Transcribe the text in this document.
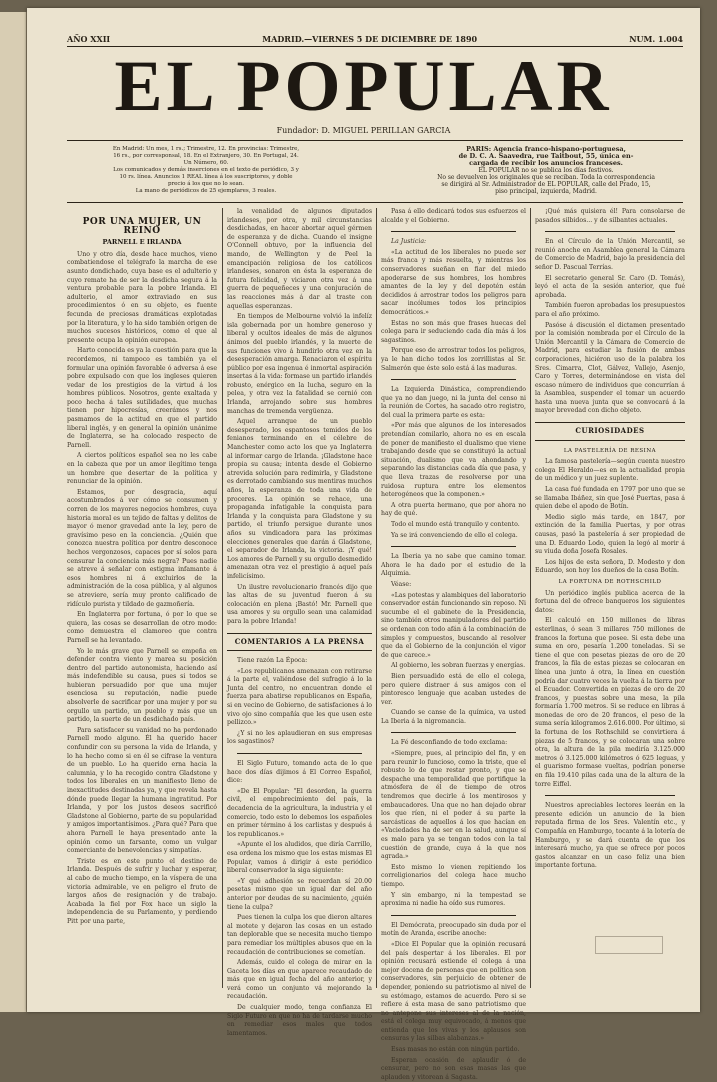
AÑO XXII	MADRID.—VIERNES 5 DE DICIEMBRE DE 1890	NUM. 1.004
EL POPULAR
Fundador: D. MIGUEL PERILLAN GARCIA
En Madrid: Un mes, 1 rs.; Trimestre, 12. En provincias: Trimestre,
16 rs., por corresponsal, 18. En el Extranjero, 30. En Portugal, 24.
Un Número, 60.
Los comunicados y demás inserciones en el texto de periódico, 3 y
10 rs. línea. Anuncios 1 REAL línea á los suscriptores, y doble
precio á los que no lo sean.
La mano de periódicos de 25 ejemplares, 3 reales.
PARIS: Agencia franco-hispano-portuguesa,
de D. C. A. Saavedra, rue Taitbout, 55, única en-
cargada de recibir los anuncios franceses.
EL POPULAR no se publica los días festivos.
No se devuelven los originales que se reciban. Toda la correspondencia
se dirigirá al Sr. Administrador de EL POPULAR, calle del Prado, 15,
piso principal, izquierda, Madrid.
POR UNA MUJER, UN REINO
PARNELL E IRLANDA

Uno y otro día, desde hace muchos, vieno combatiendose el telégrafo la marcha de ese asunto dondichado, cuya base es el adulterio y cuyo remate ha de ser la desdicha segura á la ventura probable para la pobre Irlanda. El adulterio, el amor extraviado en sus procedimientos ó en su objeto, es fuente fecunda de preciosas dramáticas explotadas por la literatura, y lo ha sido también origen de muchos sucesos históricos, como el que al presente ocupa la opinión europea.

Harto conocida es ya la cuestión para que la recordemos, ni tampoco es también ya el formular una opinión favorable ó adversa á ese pobre expulsado con que los ingleses quieren vedar de los prestigios de la virtud á los hombres públicos. Nosotros, gente exaltada y poco hecha á tales sutilidades, que muchas tienen por hipocresías, creerámos y nos pasmamos de la actitud en que el partido liberal inglés, y en general la opinión unánime de Inglaterra, se ha colocado respecto de Parnell.

A ciertos políticos español sea no les cabe en la cabeza que por un amor ilegítimo tenga un hombre que desertar de la política y renunciar de la opinión.

Estamos, por desgracia, aquí acostumbrados á ver cómo se consumen y corren de los mayores negocios hombres, cuya historia moral es un tejido de faltas y delitos de mayor ó menor gravedad ante la ley, pero de gravísimo peso en la conciencia. ¿Quién que conozca nuestra política por dentro desconoce hechos vergonzosos, capaces por sí solos para censurar la conciencia más negra? Pues nadie se atreve á señalar con estigma infamante á esos hombres ni á excluirlos de la administración de la cosa pública, y al algunos se atreviere, sería muy pronto calificado de ridículo purista y tildado de gazmoñería.

En Inglaterra por fortuna, ó por lo que se quiera, las cosas se desarrollan de otro modo: como demuestra el clamoreo que contra Parnell se ha levantado.

Yo le más grave que Parnell se empeña en defender contra viento y marea su posición dentro del partido autonomista, haciendo así más indefendible su causa, pues si todos se hubieran persuadido por que una mujer esenciosa su reputación, nadie puede absolverle de sacrificar por una mujer y por su orgullo un partido, un pueblo y más que un partido, la suerte de un desdichado país.

Para satisfacer su vanidad no ha perdonado Parnell modo alguno. Él ha querido hacer confundir con su persona la vida de Irlanda, y lo ha hecho como si en él se cifrase la ventura de un pueblo. Lo ha querido erna hacia la calumnia, y lo ha recogido contra Gladstone y todos los liberales en un manifiesto lleno de inexactitudes destinadas ya, y que revela hasta dónde puede llegar la humana ingratitud. Por Irlanda, y por los justos deseos sacrificó Gladstone al Gobierno, parte de su popularidad y amigos importantísimos. ¿Para qué? Para que ahora Parnell le haya presentado ante la opinión como un farsante, como un vulgar comerciante de benevolencias y simpatías.

Triste es en este punto el destino de Irlanda. Después de sufrir y luchar y esperar, al cabo de mucho tiempo, en la víspera de una victoria admirable, ve en peligro el fruto de largos años de resignación y de trabajo. Acabada la fiel por Fox hace un siglo la independencia de su Parlamento, y perdiendo Pitt por una parte,

la venalidad de algunos diputados irlandeses, por otra, y mil circunstancias desdichadas, en hacer abortar aquel gérmen de esperanza y de dicha. Cuando el insigne O'Connell obtuvo, por la influencia del mando, de Wellington y de Peel la emancipación religiosa de los católicos irlandeses, sonaron en ésta la esperanza de futura felicidad, y viciaron otra vez á una guerra de pequeñeces y una conjuración de las reacciones más á dar al traste con aquellas esperanzas.

En tiempos de Melbourne volvió la infelíz isla gobernada por un hombre generoso y liberal y ocultos ideales de más de algunos ánimos del pueblo irlandés, y la muerte de sus funciones vivo á hundirlo otra vez en la desesperación amarga. Renaciaron el espíritu público por esa ingenua é inmortal aspiración insertas á la vida: formase un partido irlandés robusto, enérgico en la lucha, seguro en la pelea, y otra vez la fatalidad se cernió con Irlanda, arrojando sobre sus hombres manchas de tremenda vergüenza.

Aquel arranque de un pueblo desesperado, los espantosos temidos de los fenianos terminando en el célebre de Manchester como acto los que ya Inglaterra al informar cargo de Irlanda. ¡Gladstone hace propia su causa; intenta desde el Gobierno atrevida solución para redimirla, y Gladstone es derrotado cambiando sus mentiras muchos años, la esperanza de toda una vida de proceres. La opinión se rehace, una propaganda infatigable la conquista para Irlanda y la conquista para Gladstone y su partido, el triunfo persigue durante unos años su vindicadora para las próximas elecciones generales que darán á Gladstone, el separador de Irlanda, la victoria. ¡Y qué! Los amores de Parnell y su orgullo desmedido amenazan otra vez el prestigio á aquel país infelicísimo.

Un ilustre revolucionario francés dijo que las altas de su juventud fueron á su colocación en plena ¡Bastó! Mr. Parnell que usa amores y su orgullo sean una calamidad para la pobre Irlanda!

COMENTARIOS A LA PRENSA

Tiene razón La Época:

«Los republicanos amenazan con retirarse á la parte el, valiéndose del sufragio á lo la Junta del centro, no encuentran donde el fuerza para abatirse republicanos en España, si en vecino de Gobierno, de satisfaciones á lo vivo ojo sino compañía que les que usen este pellizco.»

¿Y si no les aplaudieran en sus empresas los sagastinos?

El Siglo Futuro, tomando acta de lo que hace dos días dijimos á El Correo Español, dice:

«De El Popular: "El desorden, la guerra civil, el empobrecimiento del país, la decadencia de la agricultura, la industria y el comercio, todo esto lo debemos los españoles en primer término á los carlistas y después á los republicanos.»

«Apunte el los aludidos, que diría Carrillo, esa ordena los mismo que los estas mismas El Popular, vamos á dirigir á este periódico liberal conservador la siga siguiente:

«Y qué adhesión se recuerdan sí 20.00 pesetas mismo que un igual dar del año anterior por deudas de su nacimiento, ¿quién tiene la culpa?

Pues tienen la culpa los que dieron altares al motete y dejaron las cosas en un estado tan deplorable que se necesita mucho tiempo para remediar los múltiples abusos que en la recaudación de contribuciones se cometían.

Además, cuido el colega de mirar en la Gaceta los días en que aparece recaudado de más que en igual fecha del año anterior, y verá como un conjunto vá mejorando la recaudación.

De cualquier modo, tenga confianza El Siglo Futuro en que no ha de tardarse mucho en remediar esos males que todos lamentamos.

Pasa á ello dedicará todos sus esfuerzos el alcalde y el Gobierno.

La Justicia:

«La actitud de los liberales no puede ser más franca y más resuelta, y mientras los conservadores sueñan en fiar del miedo apoderarse de sus hombres, los hombres amantes de la ley y del depotén están decididos á arrostrar todos los peligros para sacar incólumes todos los principios democráticos.»

Estas no son más que frases huecas del colega para ir seduciendo cada día más á los sagastinos.

Porque eso de arrostrar todos los peligros, ya le han dicho todos los zorrillistas al Sr. Salmerón que éste solo está á las maduras.

La Izquierda Dinástica, comprendiendo que ya no dan juego, ni la junta del censo ni la reunión de Cortes, ha sacado otro registro, del cual la primera parte es esta:

«Por más que algunos de los interesados pretendían comilarlo, ahora no es en escala de poner de manifiesto el dualismo que viene trabajando desde que se constituyó la actual situación, dualismo que va ahondando y separando las distancias cada día que pasa, y que lleva trazas de resolverse por una ruidosa ruptura entre los elementos heterogéneos que la componen.»

A otra puerta hermano, que por ahora no hay de qué.

Todo el mundo está tranquilo y contento.

Ya se irá convenciendo de ello el colega.

La Iberia ya no sabe que camino tomar. Ahora le ha dado por el estudio de la Alquimia.

Véase:

«Las potestas y alambiques del laboratorio conservador están funcionando sin reposo. Ni sucumbe el el gabinete de la Presidencia, sino también otros manipuladores del partido se ordenan con todo afán á la combinación de simples y compuestos, buscando al resolver que da el Gobierno de la conjunción el vigor de que carece.»

Al gobierno, les sobran fuerzas y energías.

Bien persuadido está de ello el colega, pero quiere distraer á sus amigos con el pintoresco lenguaje que acaban ustedes de ver.

Cuando se canse de la química, va usted La Iberia á la nigromancia.

La Fé desconfiando de todo exclama:

«Siempre, pues, al principio del fin, y en para reunir lo funcioso, como la triste, que el robusto lo de que restar pronto, y que se despache una temporalidad que portifique la atmósfera de él de tiempo de otros tendremos que decirle á los mentirosos y embaucadores. Una que no han dejado obrar los que ríen, ni el poder á su parte la sarcásticas de aquellos á los que hacían en «Vaciedades ha de ser en la salud, aunque sí es malo para ya se tengan todos con la tal cuestión de grande, cuya á la que nos agrada.»

Esto mismo lo vienen repitiendo los correligionarios del colega hace mucho tiempo.

Y sin embargo, ni la tempestad se aproxima ni nadie ha oído sus rumores.

El Demócrata, preocupado sin duda por el motín de Aranda, escribe anoche:

«Dice El Popular que la opinión recusará del país despertar á los liberales. El por opinión recusará estiende el colega á una mejor docena de personas que en política son conservadores, sin perjuicio de obtener de depender, poniendo su patriotismo al nivel de su estómago, estamos de acuerdo. Pero si se refiere á esta masa de sano patriotismo que no antepone sus intereses al de la nación, está el colega muy equivocado, á menos que entienda que los vivas y los aplausos son censuras y las silbas alabanzas.»

Esas masas no están con ningún partido.

Esperan ocasión de aplaudir ó de censurar, pero no son esas masas las que aplauden y vitorean á Sagasta.

¡Qué más quisiera él! Para consolarse de pasados silbidos... y de silbantes actuales.

En el Círculo de la Unión Mercantil, se reunió anoche en Asamblea general la Cámara de Comercio de Madrid, bajo la presidencia del señor D. Pascual Terrías.

El secretario general Sr. Caro (D. Tomás), leyó el acta de la sesión anterior, que fué aprobada.

También fueron aprobadas los presupuestos para el año próximo.

Pasóse á discusión el dictamen presentado por la comisión nombrada por el Círculo de la Unión Mercantil y la Cámara de Comercio de Madrid, para estudiar la fusión de ambas corporaciones, hiciéron uso de la palabra los Sres. Cimarra, Clot, Gálvez, Vallejo, Asenjo, Caro y Torres, determinándose en vista del escaso número de individuos que concurrían á la Asamblea, suspender el tomar un acuerdo hasta una nueva junta que se convocará á la mayor brevedad con dicho objeto.

CURIOSIDADES
LA PASTELERÍA DE RESINA

La famosa pastelería—según cuenta nuestro colega El Heraldo—es en la actualidad propia de un médico y un juez suplente.

La casa fué fundada en 1797 por uno que se se llamaba Ibáñez, sin que José Puertas, pasa á quien debe el apodo de Botín.

Medio siglo más tarde, en 1847, por extinción de la familia Puertas, y por otras causas, pasó la pastelería á ser propiedad de una D. Eduardo Lodo, quien la legó al morir á su viuda doña Josefa Rosales.

Los hijos de esta señora, D. Modesto y don Eduardo, son hoy los dueños de la casa Botín.

LA FORTUNA DE ROTHSCHILD

Un periódico inglés publica acerca de la fortuna del de ofrece banqueros los siguientes datos:

El calculó en 150 millones de libras esterlinas, ó sean 3 millares 750 millones de francos la fortuna que posee. Si esta debe una suma en oro, pesaría 1.200 toneladas. Si se tiene el que con pesetas piezas de oro de 20 francos, la fila de estas piezas se colocaran en línea una junto á otra, la línea en cuestión podría dar cuatro veces la vuelta á la tierra por el Ecuador. Convertida en piezas de oro de 20 francos, y puestas sobre una mesa, la pila formaría 1.700 metros. Si se reduce en libras á monedas de oro de 20 francos, el peso de la suma sería kilogramos 2.616.000. Por último, si la fortuna de los Rothschild se convirtiera á piezas de 5 francos, y se colocaran una sobre otra, la altura de la pila mediría 3.125.000 metros ó 3.125.000 kilómetros ó 625 leguas, y el guarismo formase vueltas, podrían ponerse en fila 19.410 pilas cada una de la altura de la torre Eiffel.

Nuestros apreciables lectores leerán en la presente edición un anuncio de la bien reputada firma de los Sres. Valentín etc., y Compañía en Hamburgo, tocante á la lotería de Hamburgo, y se dará cuenta de que los interesará mucho, ya que se ofrece por pocos gastos alcanzar en un caso feliz una bien importante fortuna.
